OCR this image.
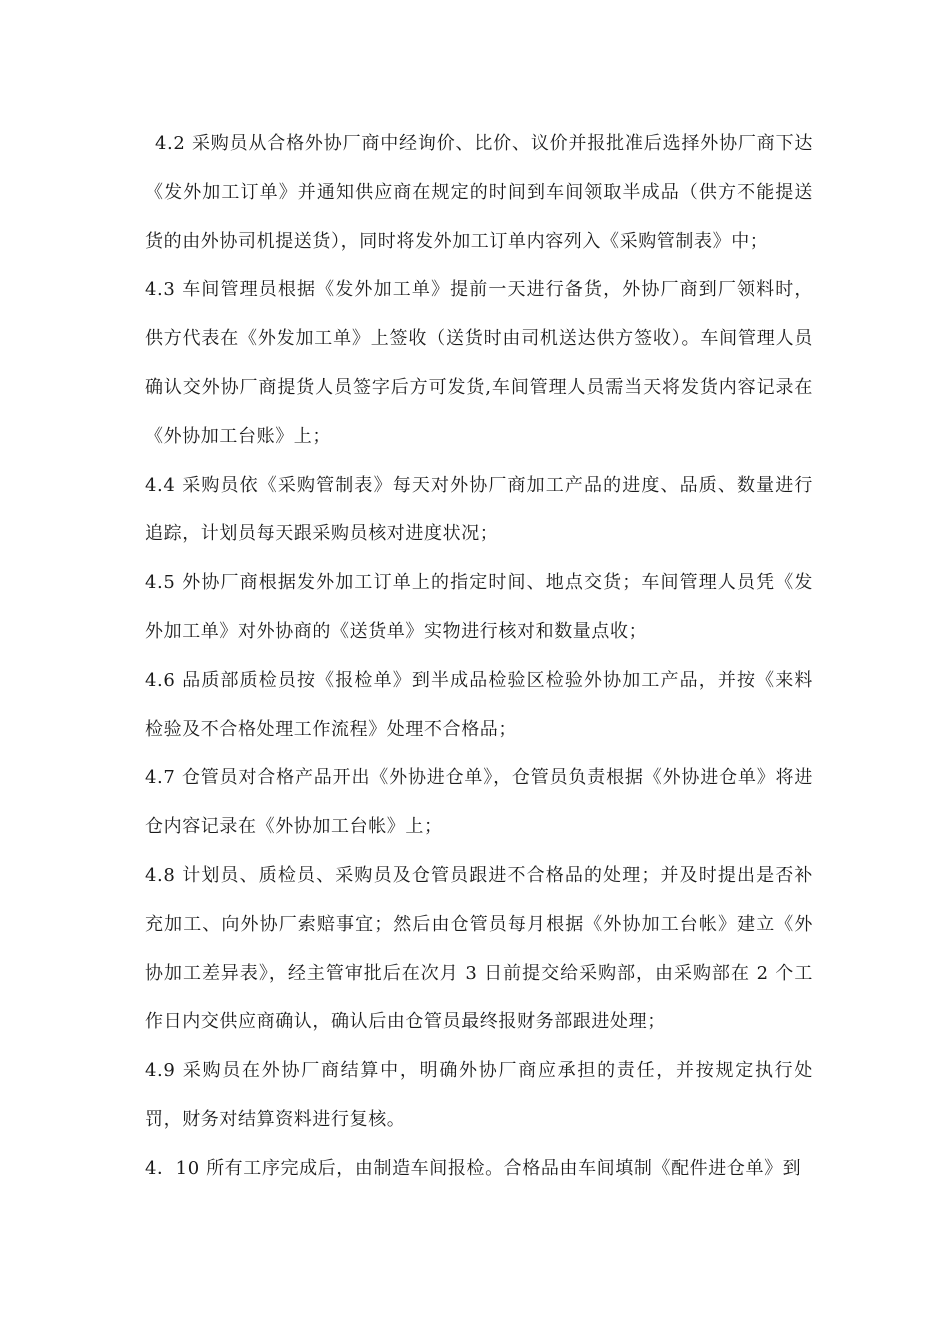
4.2 采购员从合格外协厂商中经询价、比价、议价并报批准后选择外协厂商下达《发外加工订单》并通知供应商在规定的时间到车间领取半成品（供方不能提送货的由外协司机提送货），同时将发外加工订单内容列入《采购管制表》中；

4.3 车间管理员根据《发外加工单》提前一天进行备货，外协厂商到厂领料时，供方代表在《外发加工单》上签收（送货时由司机送达供方签收）。车间管理人员确认交外协厂商提货人员签字后方可发货,车间管理人员需当天将发货内容记录在《外协加工台账》上；

4.4 采购员依《采购管制表》每天对外协厂商加工产品的进度、品质、数量进行追踪，计划员每天跟采购员核对进度状况；

4.5 外协厂商根据发外加工订单上的指定时间、地点交货；车间管理人员凭《发外加工单》对外协商的《送货单》实物进行核对和数量点收；

4.6 品质部质检员按《报检单》到半成品检验区检验外协加工产品，并按《来料检验及不合格处理工作流程》处理不合格品；

4.7 仓管员对合格产品开出《外协进仓单》，仓管员负责根据《外协进仓单》将进仓内容记录在《外协加工台帐》上；

4.8 计划员、质检员、采购员及仓管员跟进不合格品的处理；并及时提出是否补充加工、向外协厂索赔事宜；然后由仓管员每月根据《外协加工台帐》建立《外协加工差异表》，经主管审批后在次月 3 日前提交给采购部，由采购部在 2 个工作日内交供应商确认，确认后由仓管员最终报财务部跟进处理；

4.9 采购员在外协厂商结算中，明确外协厂商应承担的责任，并按规定执行处罚，财务对结算资料进行复核。

4．10 所有工序完成后，由制造车间报检。合格品由车间填制《配件进仓单》到
